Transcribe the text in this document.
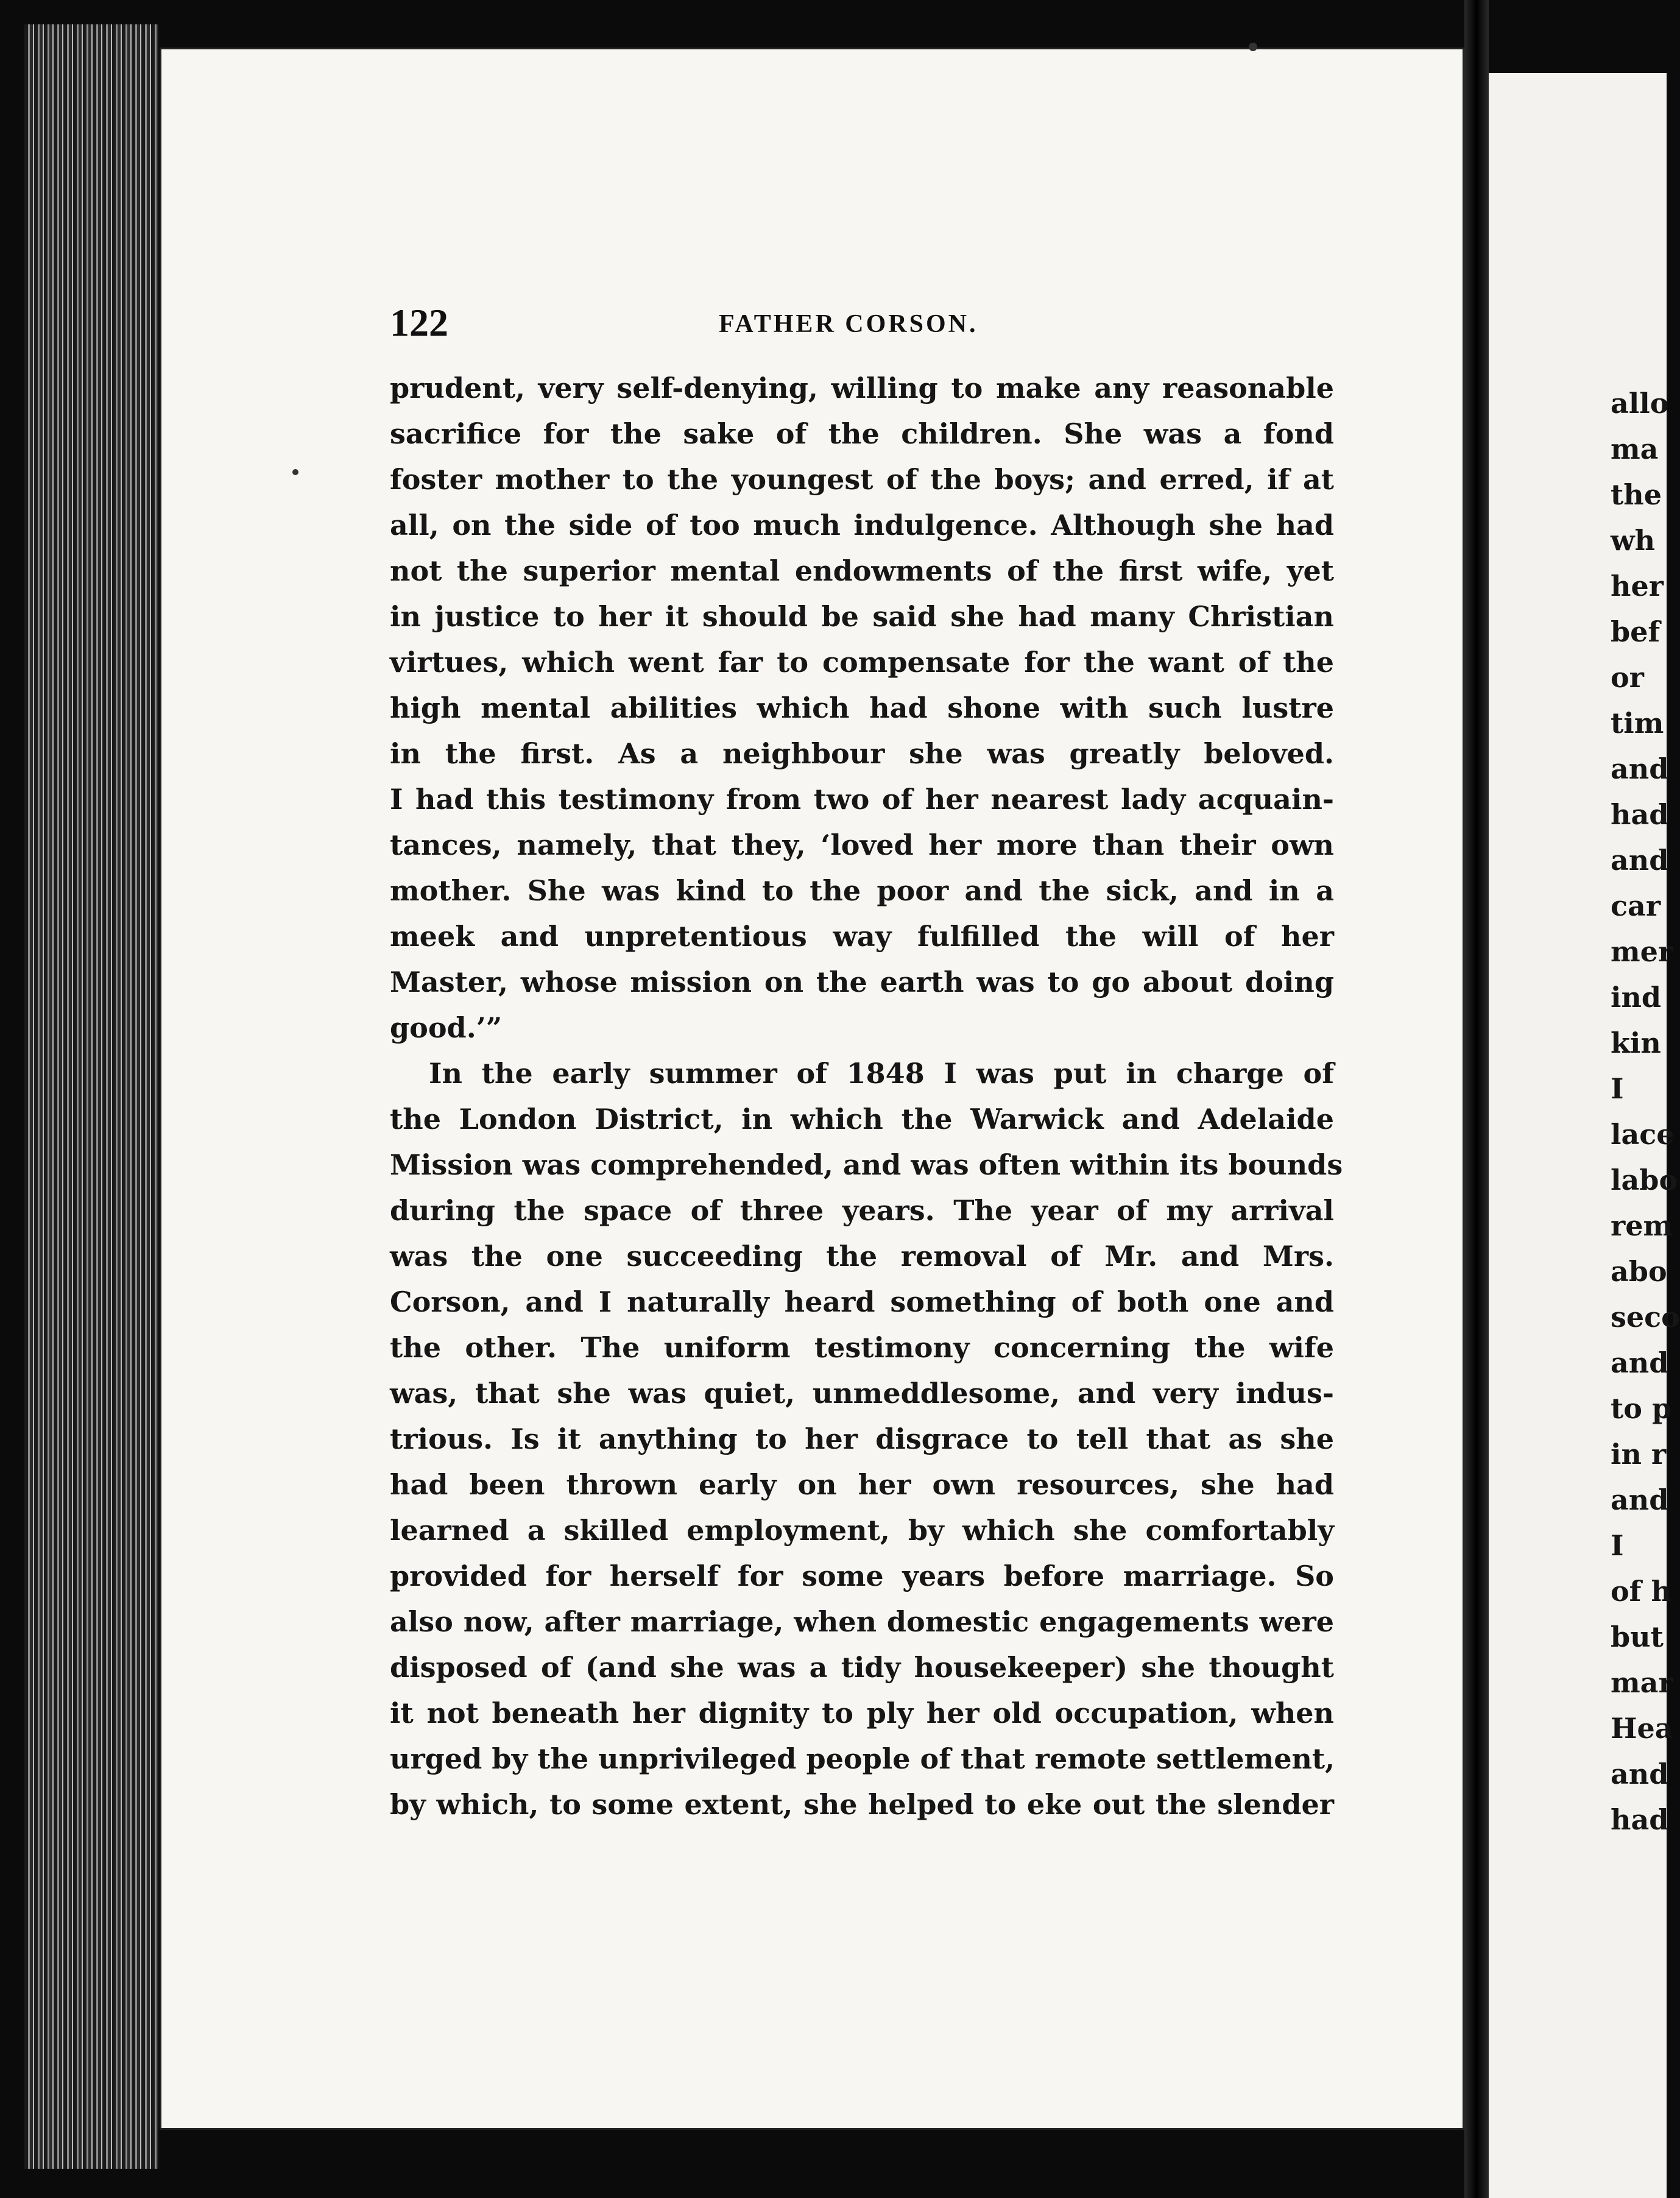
allo
ma
the
wh
her
bef
or
tim
and
had
and
car
mer
ind
kin
I
lace
labo
rem
abo
seco
and
to p
in r
and
I
of h
but
mar
Hea
and
had
122	FATHER CORSON.
prudent, very self-denying, willing to make any reasonable
sacrifice for the sake of the children. She was a fond
foster mother to the youngest of the boys; and erred, if at
all, on the side of too much indulgence. Although she had
not the superior mental endowments of the first wife, yet
in justice to her it should be said she had many Christian
virtues, which went far to compensate for the want of the
high mental abilities which had shone with such lustre
in the first. As a neighbour she was greatly beloved.
I had this testimony from two of her nearest lady acquain-
tances, namely, that they, ‘loved her more than their own
mother. She was kind to the poor and the sick, and in a
meek and unpretentious way fulfilled the will of her
Master, whose mission on the earth was to go about doing
good.’”
In the early summer of 1848 I was put in charge of
the London District, in which the Warwick and Adelaide
Mission was comprehended, and was often within its bounds
during the space of three years. The year of my arrival
was the one succeeding the removal of Mr. and Mrs.
Corson, and I naturally heard something of both one and
the other. The uniform testimony concerning the wife
was, that she was quiet, unmeddlesome, and very indus-
trious. Is it anything to her disgrace to tell that as she
had been thrown early on her own resources, she had
learned a skilled employment, by which she comfortably
provided for herself for some years before marriage. So
also now, after marriage, when domestic engagements were
disposed of (and she was a tidy housekeeper) she thought
it not beneath her dignity to ply her old occupation, when
urged by the unprivileged people of that remote settlement,
by which, to some extent, she helped to eke out the slender
